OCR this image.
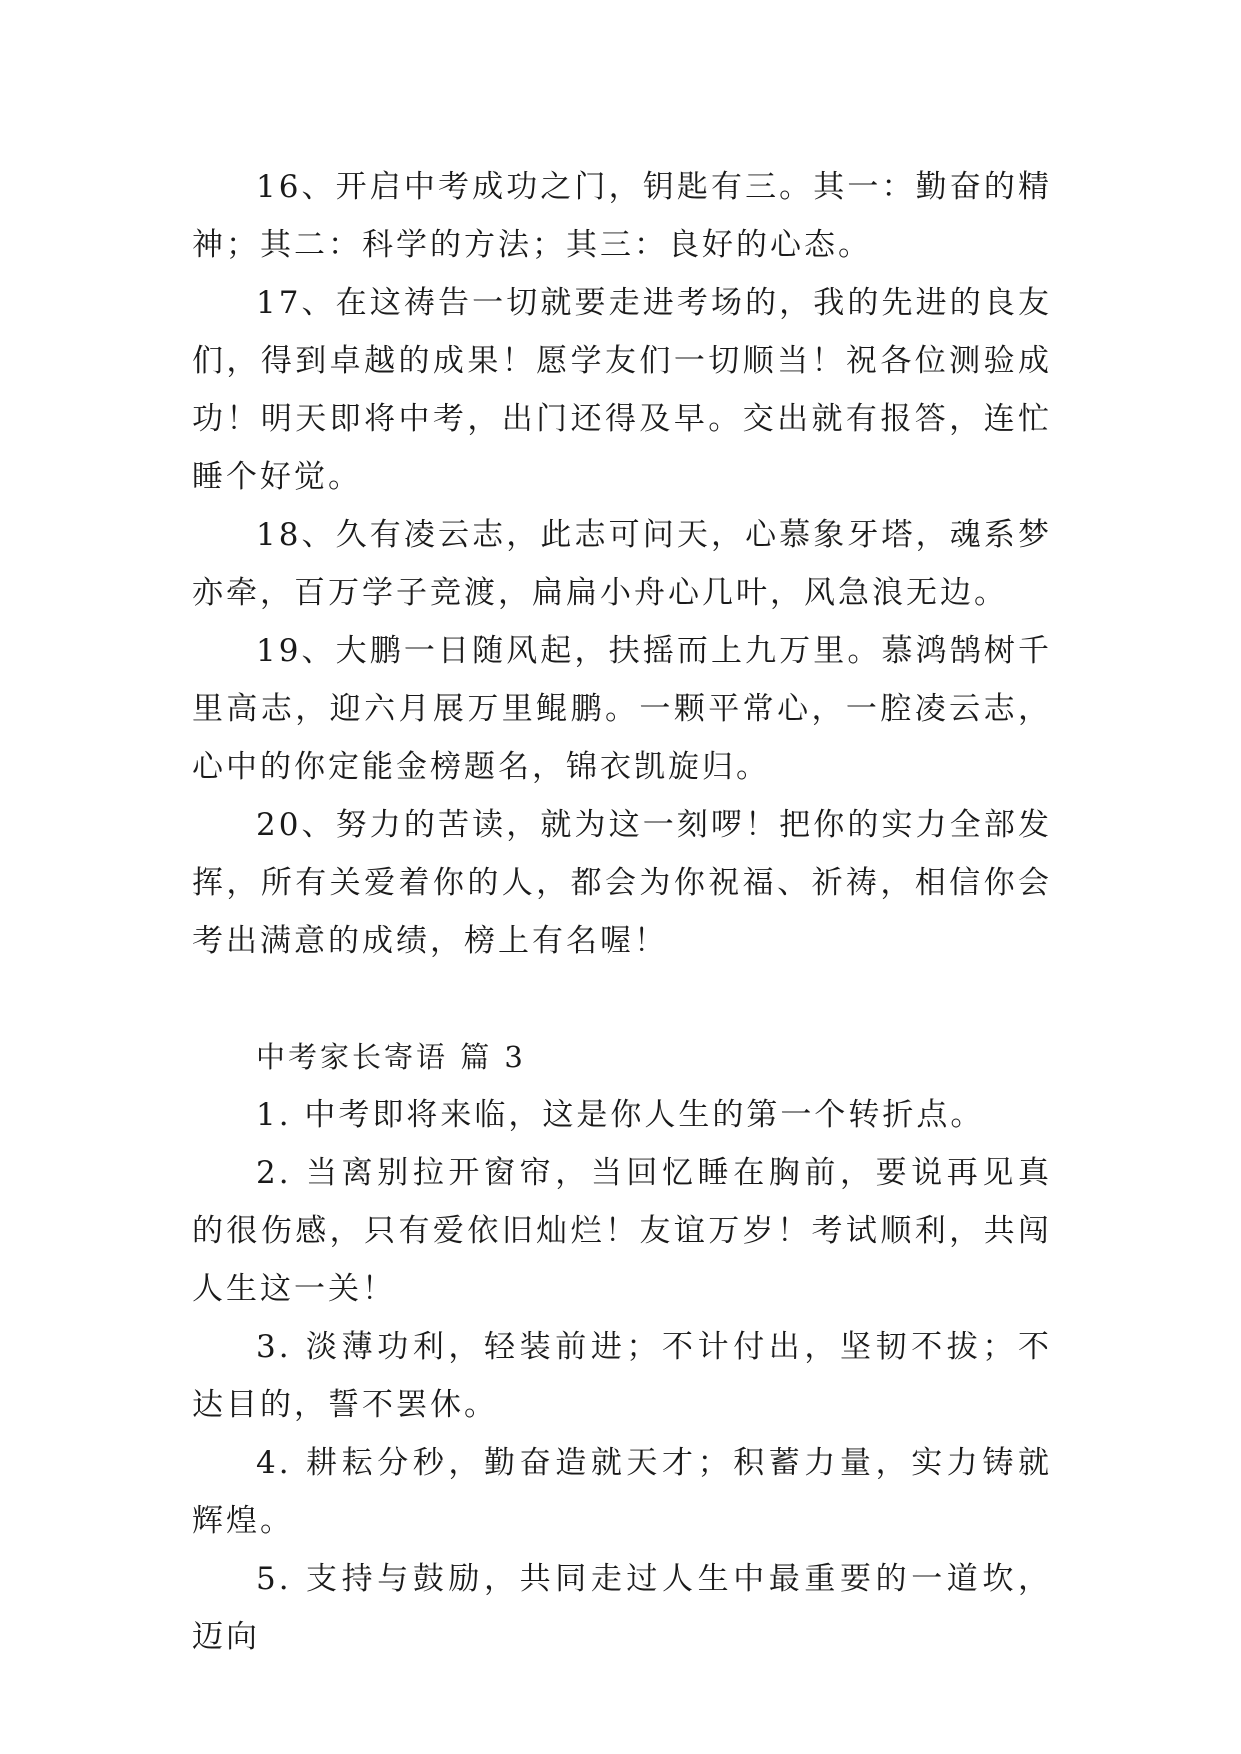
16、开启中考成功之门，钥匙有三。其一：勤奋的精神；其二：科学的方法；其三：良好的心态。

17、在这祷告一切就要走进考场的，我的先进的良友们，得到卓越的成果！愿学友们一切顺当！祝各位测验成功！明天即将中考，出门还得及早。交出就有报答，连忙睡个好觉。

18、久有凌云志，此志可问天，心慕象牙塔，魂系梦亦牵，百万学子竞渡，扁扁小舟心几叶，风急浪无边。

19、大鹏一日随风起，扶摇而上九万里。慕鸿鹄树千里高志，迎六月展万里鲲鹏。一颗平常心，一腔凌云志，心中的你定能金榜题名，锦衣凯旋归。

20、努力的苦读，就为这一刻啰！把你的实力全部发挥，所有关爱着你的人，都会为你祝福、祈祷，相信你会考出满意的成绩，榜上有名喔！

中考家长寄语 篇 3

1. 中考即将来临，这是你人生的第一个转折点。

2. 当离别拉开窗帘，当回忆睡在胸前，要说再见真的很伤感，只有爱依旧灿烂！友谊万岁！考试顺利，共闯人生这一关！

3. 淡薄功利，轻装前进；不计付出，坚韧不拔；不达目的，誓不罢休。

4. 耕耘分秒，勤奋造就天才；积蓄力量，实力铸就辉煌。

5. 支持与鼓励，共同走过人生中最重要的一道坎，迈向
